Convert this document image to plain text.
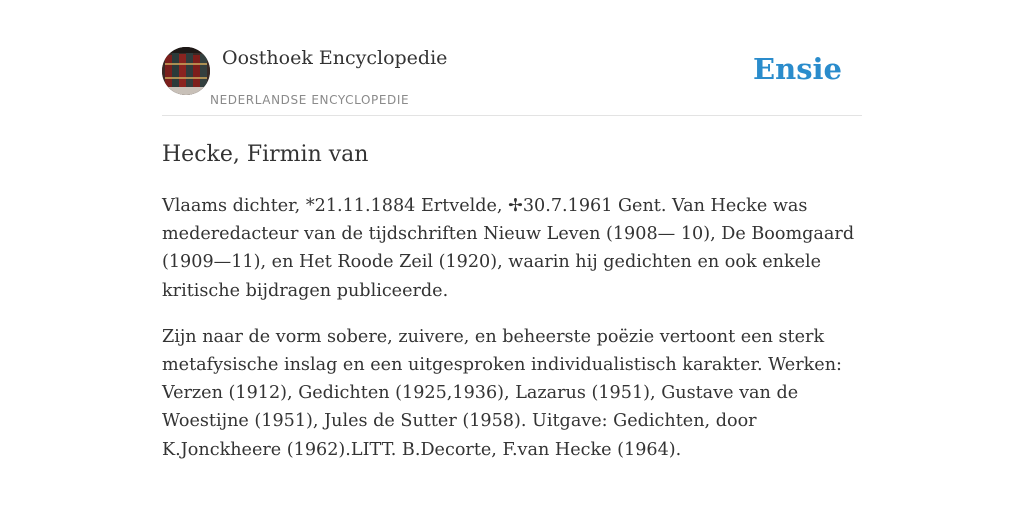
Oosthoek Encyclopedie
NEDERLANDSE ENCYCLOPEDIE
Ensie
Hecke, Firmin van

Vlaams dichter, *21.11.1884 Ertvelde, ✢30.7.1961 Gent. Van Hecke was mederedacteur van de tijdschriften Nieuw Leven (1908— 10), De Boomgaard (1909—11), en Het Roode Zeil (1920), waarin hij gedichten en ook enkele kritische bijdragen publiceerde.

Zijn naar de vorm sobere, zuivere, en beheerste poëzie vertoont een sterk metafysische inslag en een uitgesproken individualistisch karakter. Werken: Verzen (1912), Gedichten (1925,1936), Lazarus (1951), Gustave van de Woestijne (1951), Jules de Sutter (1958). Uitgave: Gedichten, door K.Jonckheere (1962).LITT. B.Decorte, F.van Hecke (1964).
